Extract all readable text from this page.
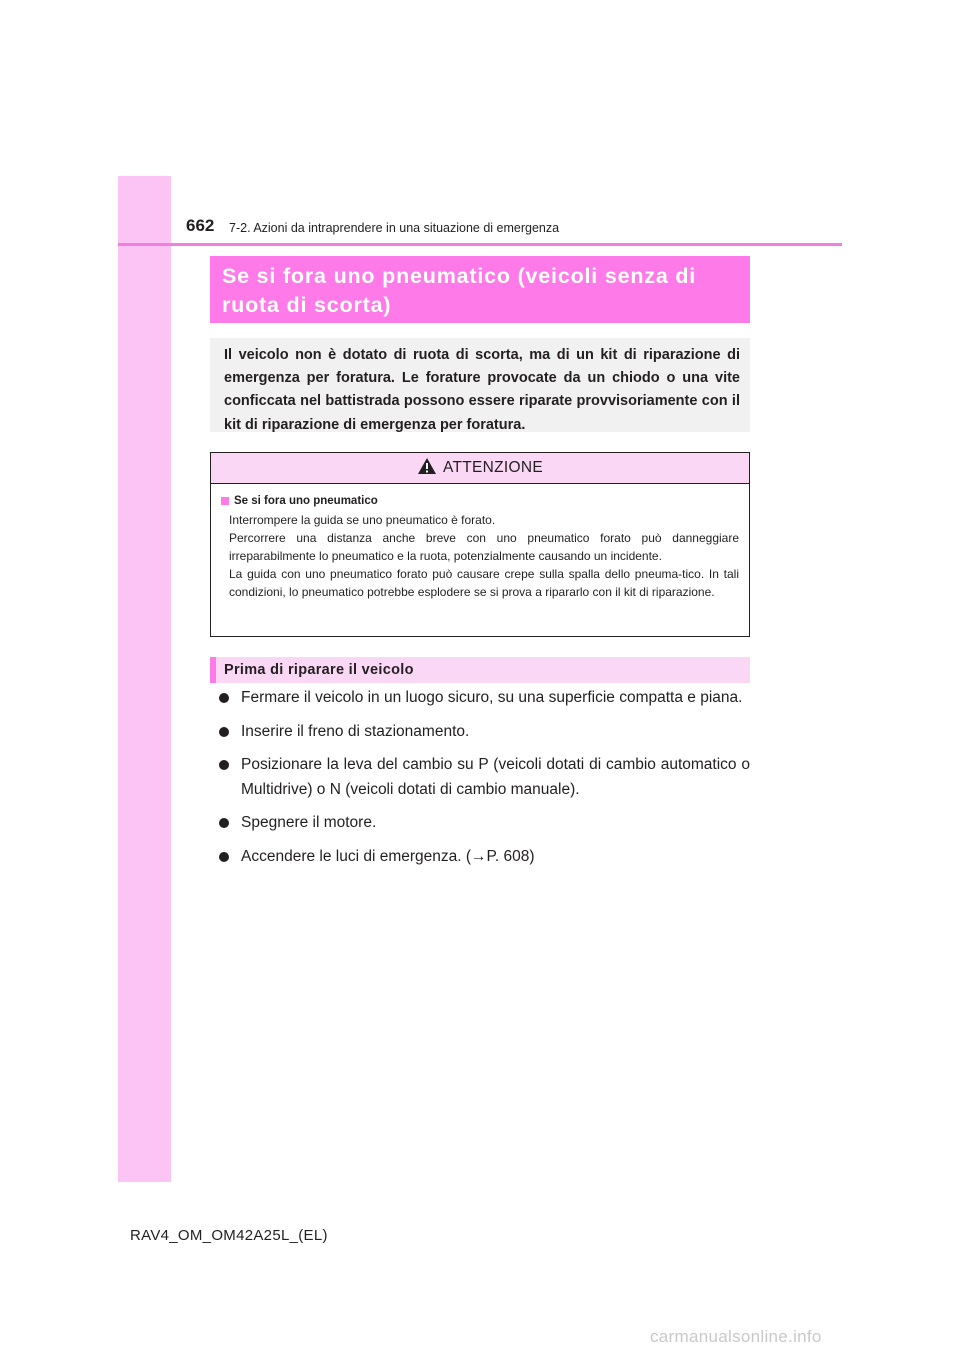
662 7-2. Azioni da intraprendere in una situazione di emergenza
Se si fora uno pneumatico (veicoli senza di
ruota di scorta)

Il veicolo non è dotato di ruota di scorta, ma di un kit di riparazione di emergenza per foratura. Le forature provocate da un chiodo o una vite conficcata nel battistrada possono essere riparate provvisoriamente con il kit di riparazione di emergenza per foratura.

ATTENZIONE
Se si fora uno pneumatico

Interrompere la guida se uno pneumatico è forato.

Percorrere una distanza anche breve con uno pneumatico forato può danneggiare irreparabilmente lo pneumatico e la ruota, potenzialmente causando un incidente.

La guida con uno pneumatico forato può causare crepe sulla spalla dello pneuma-tico. In tali condizioni, lo pneumatico potrebbe esplodere se si prova a ripararlo con il kit di riparazione.

Prima di riparare il veicolo
Fermare il veicolo in un luogo sicuro, su una superficie compatta e piana.
Inserire il freno di stazionamento.
Posizionare la leva del cambio su P (veicoli dotati di cambio automatico o Multidrive) o N (veicoli dotati di cambio manuale).
Spegnere il motore.
Accendere le luci di emergenza. (→P. 608)
RAV4_OM_OM42A25L_(EL)
carmanualsonline.info
